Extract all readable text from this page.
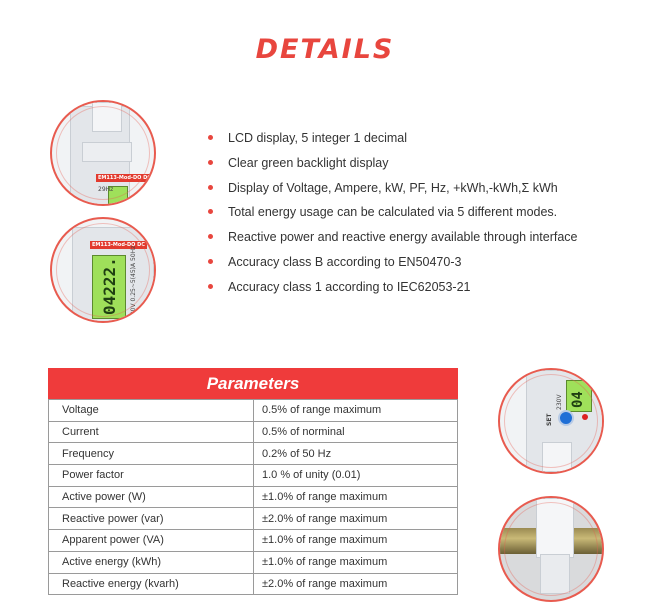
DETAILS
EM113-Mod-DO DC
29Hz
EM113-Mod-DO DC
04222. 230V 0.25~5(45)A 50Hz
LCD display, 5 integer 1 decimal
Clear green backlight display
Display of Voltage, Ampere, kW, PF, Hz, +kWh,-kWh,Σ kWh
Total energy usage can be calculated via 5 different modes.
Reactive power and reactive energy available through interface
Accuracy class B according to EN50470-3
Accuracy class 1 according to IEC62053-21
Parameters
Voltage	0.5% of range maximum
Current	0.5% of norminal
Frequency	0.2% of 50 Hz
Power factor	1.0 % of unity (0.01)
Active power (W)	±1.0% of range maximum
Reactive power (var)	±2.0% of range maximum
Apparent power (VA)	±1.0% of range maximum
Active energy (kWh)	±1.0% of range maximum
Reactive energy (kvarh)	±2.0% of range maximum
04
230V
SET
